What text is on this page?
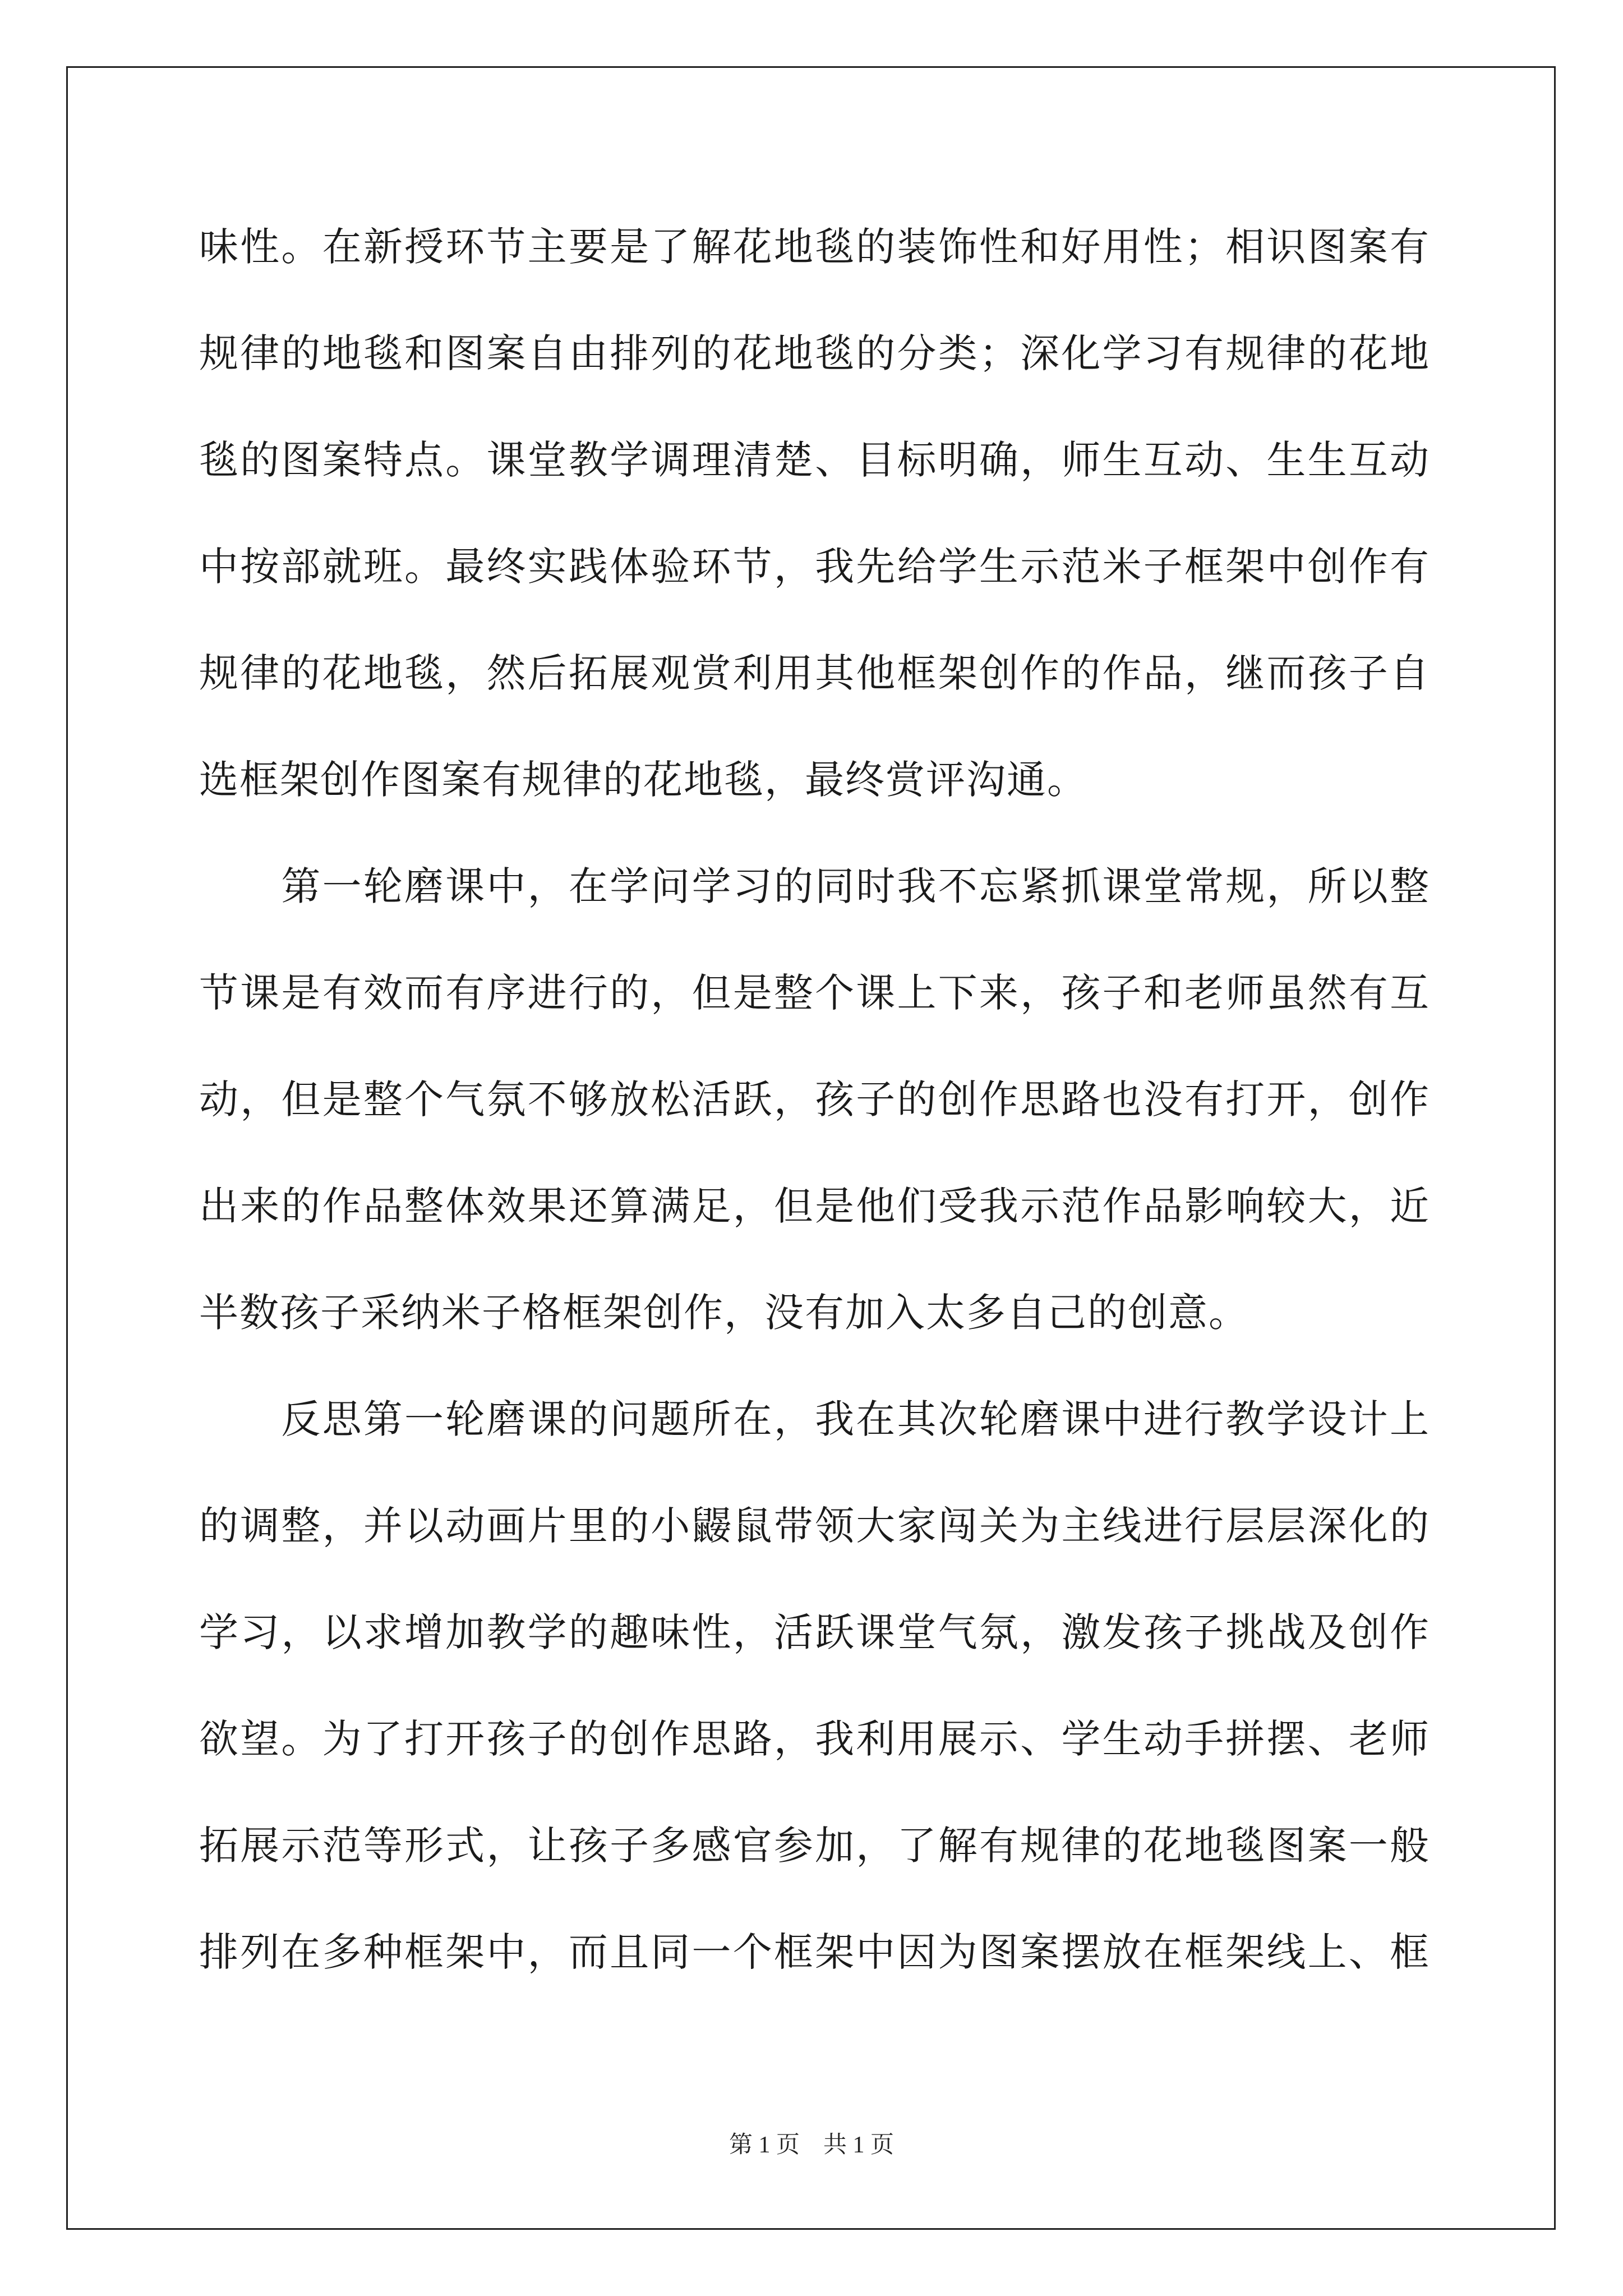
味性。在新授环节主要是了解花地毯的装饰性和好用性；相识图案有
规律的地毯和图案自由排列的花地毯的分类；深化学习有规律的花地
毯的图案特点。课堂教学调理清楚、目标明确，师生互动、生生互动
中按部就班。最终实践体验环节，我先给学生示范米子框架中创作有
规律的花地毯，然后拓展观赏利用其他框架创作的作品，继而孩子自
选框架创作图案有规律的花地毯，最终赏评沟通。
　　第一轮磨课中，在学问学习的同时我不忘紧抓课堂常规，所以整
节课是有效而有序进行的，但是整个课上下来，孩子和老师虽然有互
动，但是整个气氛不够放松活跃，孩子的创作思路也没有打开，创作
出来的作品整体效果还算满足，但是他们受我示范作品影响较大，近
半数孩子采纳米子格框架创作，没有加入太多自己的创意。
　　反思第一轮磨课的问题所在，我在其次轮磨课中进行教学设计上
的调整，并以动画片里的小鼹鼠带领大家闯关为主线进行层层深化的
学习，以求增加教学的趣味性，活跃课堂气氛，激发孩子挑战及创作
欲望。为了打开孩子的创作思路，我利用展示、学生动手拼摆、老师
拓展示范等形式，让孩子多感官参加，了解有规律的花地毯图案一般
排列在多种框架中，而且同一个框架中因为图案摆放在框架线上、框
第 1 页　共 1 页
